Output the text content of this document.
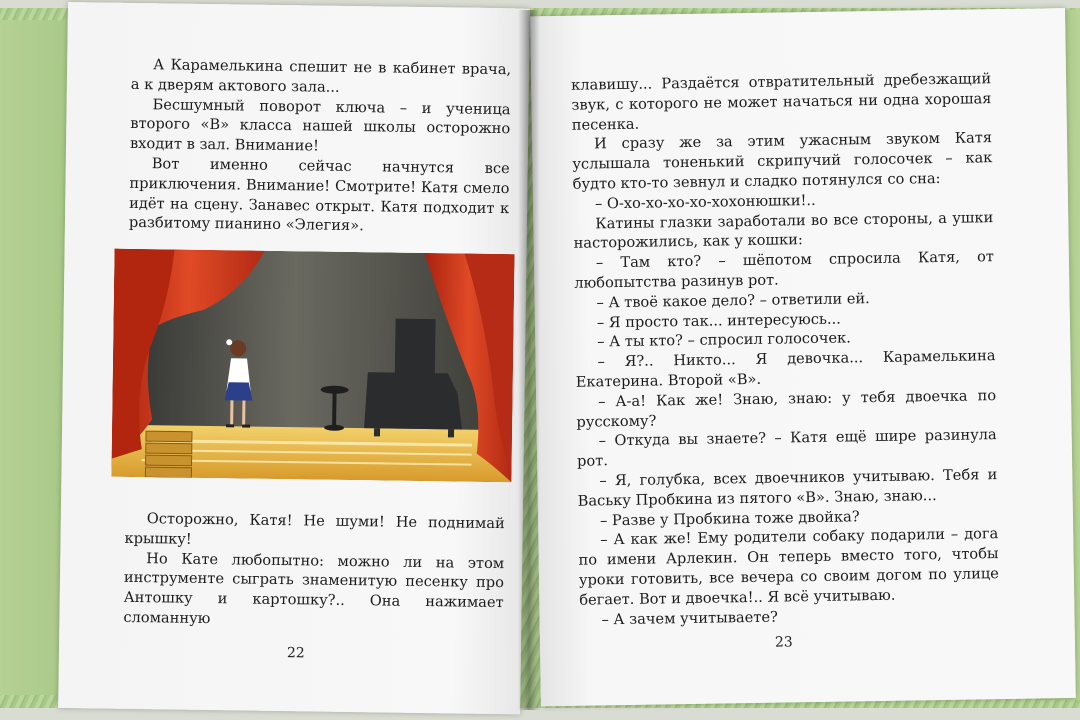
А Карамелькина спешит не в кабинет врача, а к дверям актового зала...

Бесшумный поворот ключа – и ученица второго «В» класса нашей школы осторожно входит в зал. Внимание!

Вот именно сейчас начнутся все приключения. Внимание! Смотрите! Катя смело идёт на сцену. Занавес открыт. Катя подходит к разбитому пианино «Элегия».

Осторожно, Катя! Не шуми! Не поднимай крышку!

Но Кате любопытно: можно ли на этом инструменте сыграть знаменитую песенку про Антошку и картошку?.. Она нажимает сломанную

22

клавишу... Раздаётся отвратительный дребезжащий звук, с которого не может начаться ни одна хорошая песенка.

И сразу же за этим ужасным звуком Катя услышала тоненький скрипучий голосочек – как будто кто-то зевнул и сладко потянулся со сна:

– О-хо-хо-хо-хо-хохонюшки!..

Катины глазки заработали во все стороны, а ушки насторожились, как у кошки:

– Там кто? – шёпотом спросила Катя, от любопытства разинув рот.

– А твоё какое дело? – ответили ей.

– Я просто так... интересуюсь...

– А ты кто? – спросил голосочек.

– Я?.. Никто... Я девочка... Карамелькина Екатерина. Второй «В».

– А-а! Как же! Знаю, знаю: у тебя двоечка по русскому?

– Откуда вы знаете? – Катя ещё шире разинула рот.

– Я, голубка, всех двоечников учитываю. Тебя и Ваську Пробкина из пятого «В». Знаю, знаю...

– Разве у Пробкина тоже двойка?

– А как же! Ему родители собаку подарили – дога по имени Арлекин. Он теперь вместо того, чтобы уроки готовить, все вечера со своим догом по улице бегает. Вот и двоечка!.. Я всё учитываю.

– А зачем учитываете?

23
